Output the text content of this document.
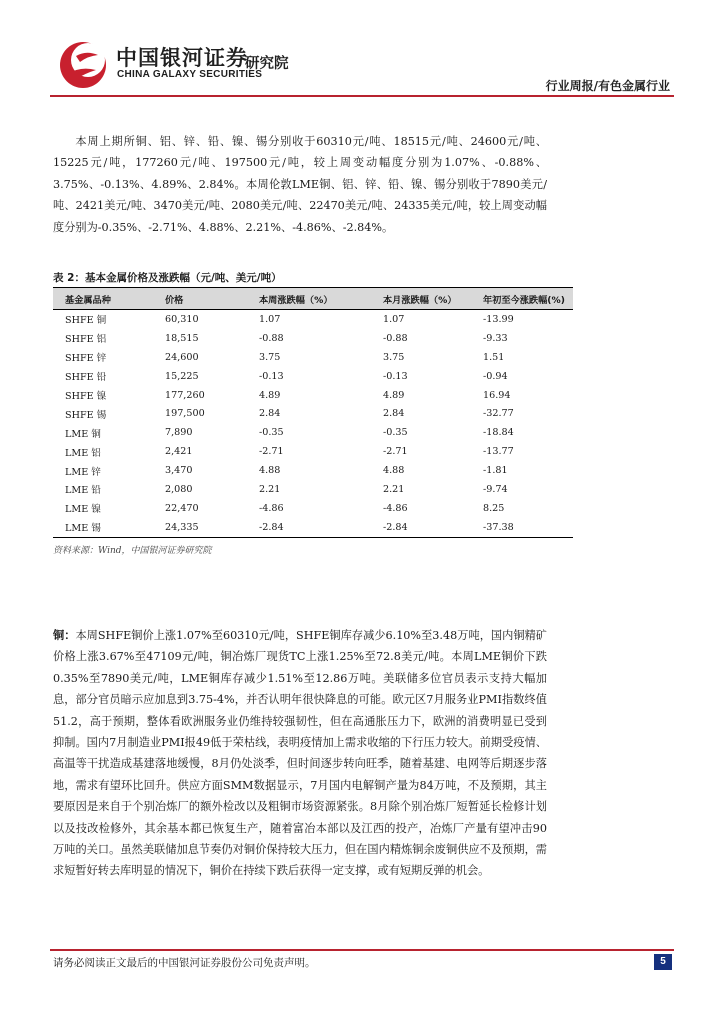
中国银河证券
CHINA GALAXY SECURITIES
研究院
行业周报/有色金属行业

本周上期所铜、铝、锌、铅、镍、锡分别收于60310元/吨、18515元/吨、24600元/吨、15225元/吨，177260元/吨、197500元/吨，较上周变动幅度分别为1.07%、-0.88%、3.75%、-0.13%、4.89%、2.84%。本周伦敦LME铜、铝、锌、铅、镍、锡分别收于7890美元/吨、2421美元/吨、3470美元/吨、2080美元/吨、22470美元/吨、24335美元/吨，较上周变动幅度分别为-0.35%、-2.71%、4.88%、2.21%、-4.86%、-2.84%。

表 2：基本金属价格及涨跌幅（元/吨、美元/吨）
基金属品种	价格	本周涨跌幅（%）	本月涨跌幅（%）	年初至今涨跌幅(%)
SHFE 铜	60,310	1.07	1.07	-13.99
SHFE 铝	18,515	-0.88	-0.88	-9.33
SHFE 锌	24,600	3.75	3.75	1.51
SHFE 铅	15,225	-0.13	-0.13	-0.94
SHFE 镍	177,260	4.89	4.89	16.94
SHFE 锡	197,500	2.84	2.84	-32.77
LME 铜	7,890	-0.35	-0.35	-18.84
LME 铝	2,421	-2.71	-2.71	-13.77
LME 锌	3,470	4.88	4.88	-1.81
LME 铅	2,080	2.21	2.21	-9.74
LME 镍	22,470	-4.86	-4.86	8.25
LME 锡	24,335	-2.84	-2.84	-37.38
资料来源：Wind，中国银河证券研究院

铜：本周SHFE铜价上涨1.07%至60310元/吨，SHFE铜库存减少6.10%至3.48万吨，国内铜精矿价格上涨3.67%至47109元/吨，铜冶炼厂现货TC上涨1.25%至72.8美元/吨。本周LME铜价下跌0.35%至7890美元/吨，LME铜库存减少1.51%至12.86万吨。美联储多位官员表示支持大幅加息，部分官员暗示应加息到3.75-4%，并否认明年很快降息的可能。欧元区7月服务业PMI指数终值51.2，高于预期，整体看欧洲服务业仍维持较强韧性，但在高通胀压力下，欧洲的消费明显已受到抑制。国内7月制造业PMI报49低于荣枯线，表明疫情加上需求收缩的下行压力较大。前期受疫情、高温等干扰造成基建落地缓慢，8月仍处淡季，但时间逐步转向旺季，随着基建、电网等后期逐步落地，需求有望环比回升。供应方面SMM数据显示，7月国内电解铜产量为84万吨，不及预期，其主要原因是来自于个别冶炼厂的额外检改以及粗铜市场资源紧张。8月除个别冶炼厂短暂延长检修计划以及技改检修外，其余基本都已恢复生产，随着富冶本部以及江西的投产，冶炼厂产量有望冲击90万吨的关口。虽然美联储加息节奏仍对铜价保持较大压力，但在国内精炼铜余废铜供应不及预期，需求短暂好转去库明显的情况下，铜价在持续下跌后获得一定支撑，或有短期反弹的机会。

请务必阅读正文最后的中国银河证券股份公司免责声明。	5
